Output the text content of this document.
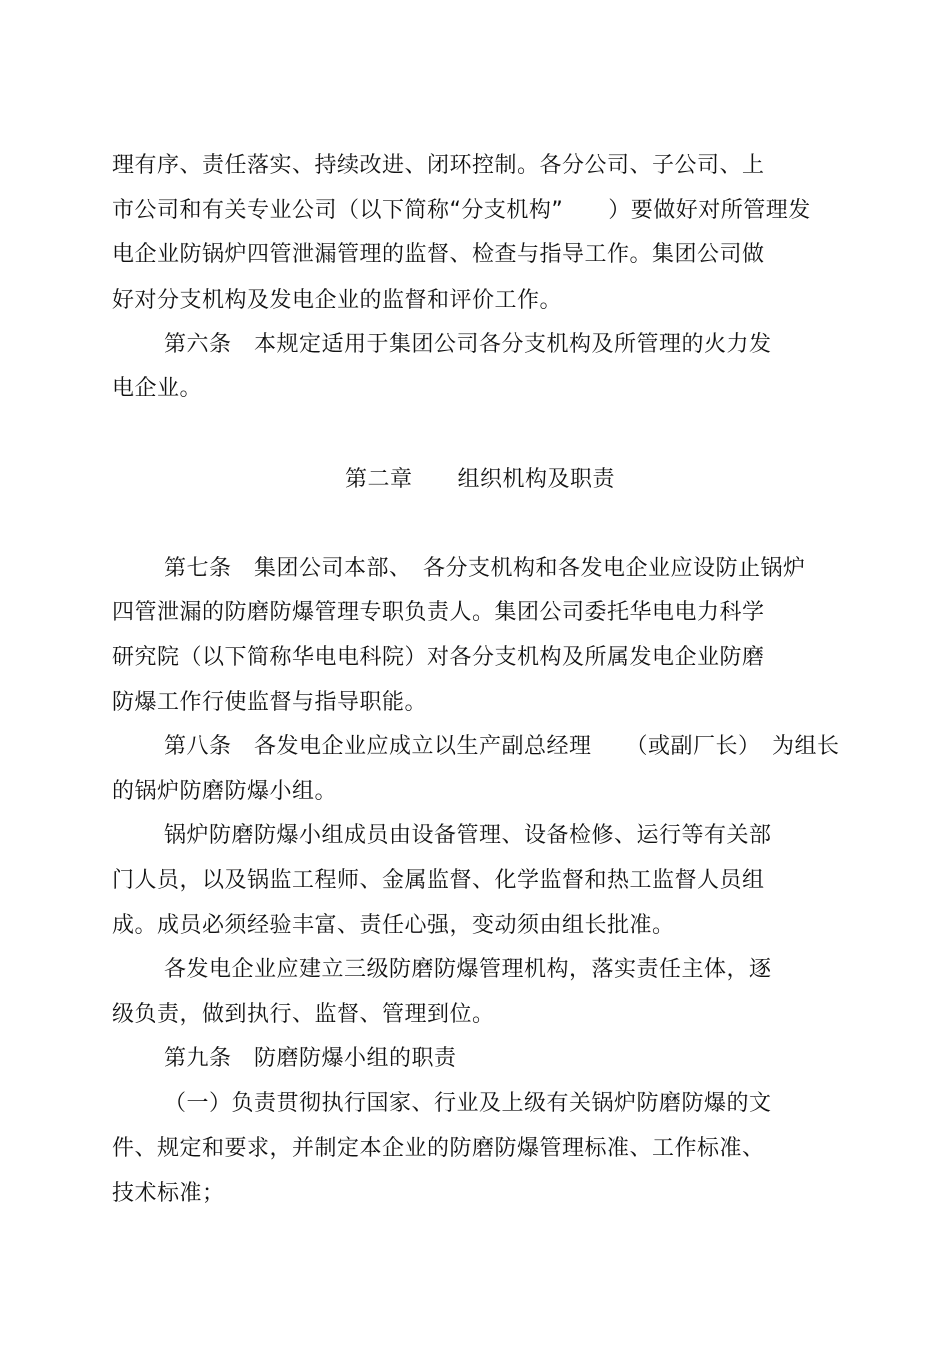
理有序、责任落实、持续改进、闭环控制。各分公司、子公司、上
市公司和有关专业公司（以下简称“分支机构”　　）要做好对所管理发
电企业防锅炉四管泄漏管理的监督、检查与指导工作。集团公司做
好对分支机构及发电企业的监督和评价工作。
第六条　本规定适用于集团公司各分支机构及所管理的火力发
电企业。
第二章　　组织机构及职责
第七条　集团公司本部、　各分支机构和各发电企业应设防止锅炉
四管泄漏的防磨防爆管理专职负责人。集团公司委托华电电力科学
研究院（以下简称华电电科院）对各分支机构及所属发电企业防磨
防爆工作行使监督与指导职能。
第八条　各发电企业应成立以生产副总经理　　（或副厂长）　为组长
的锅炉防磨防爆小组。
锅炉防磨防爆小组成员由设备管理、设备检修、运行等有关部
门人员，以及锅监工程师、金属监督、化学监督和热工监督人员组
成。成员必须经验丰富、责任心强，变动须由组长批准。
各发电企业应建立三级防磨防爆管理机构，落实责任主体，逐
级负责，做到执行、监督、管理到位。
第九条　防磨防爆小组的职责
（一）负责贯彻执行国家、行业及上级有关锅炉防磨防爆的文
件、规定和要求，并制定本企业的防磨防爆管理标准、工作标准、
技术标准；
